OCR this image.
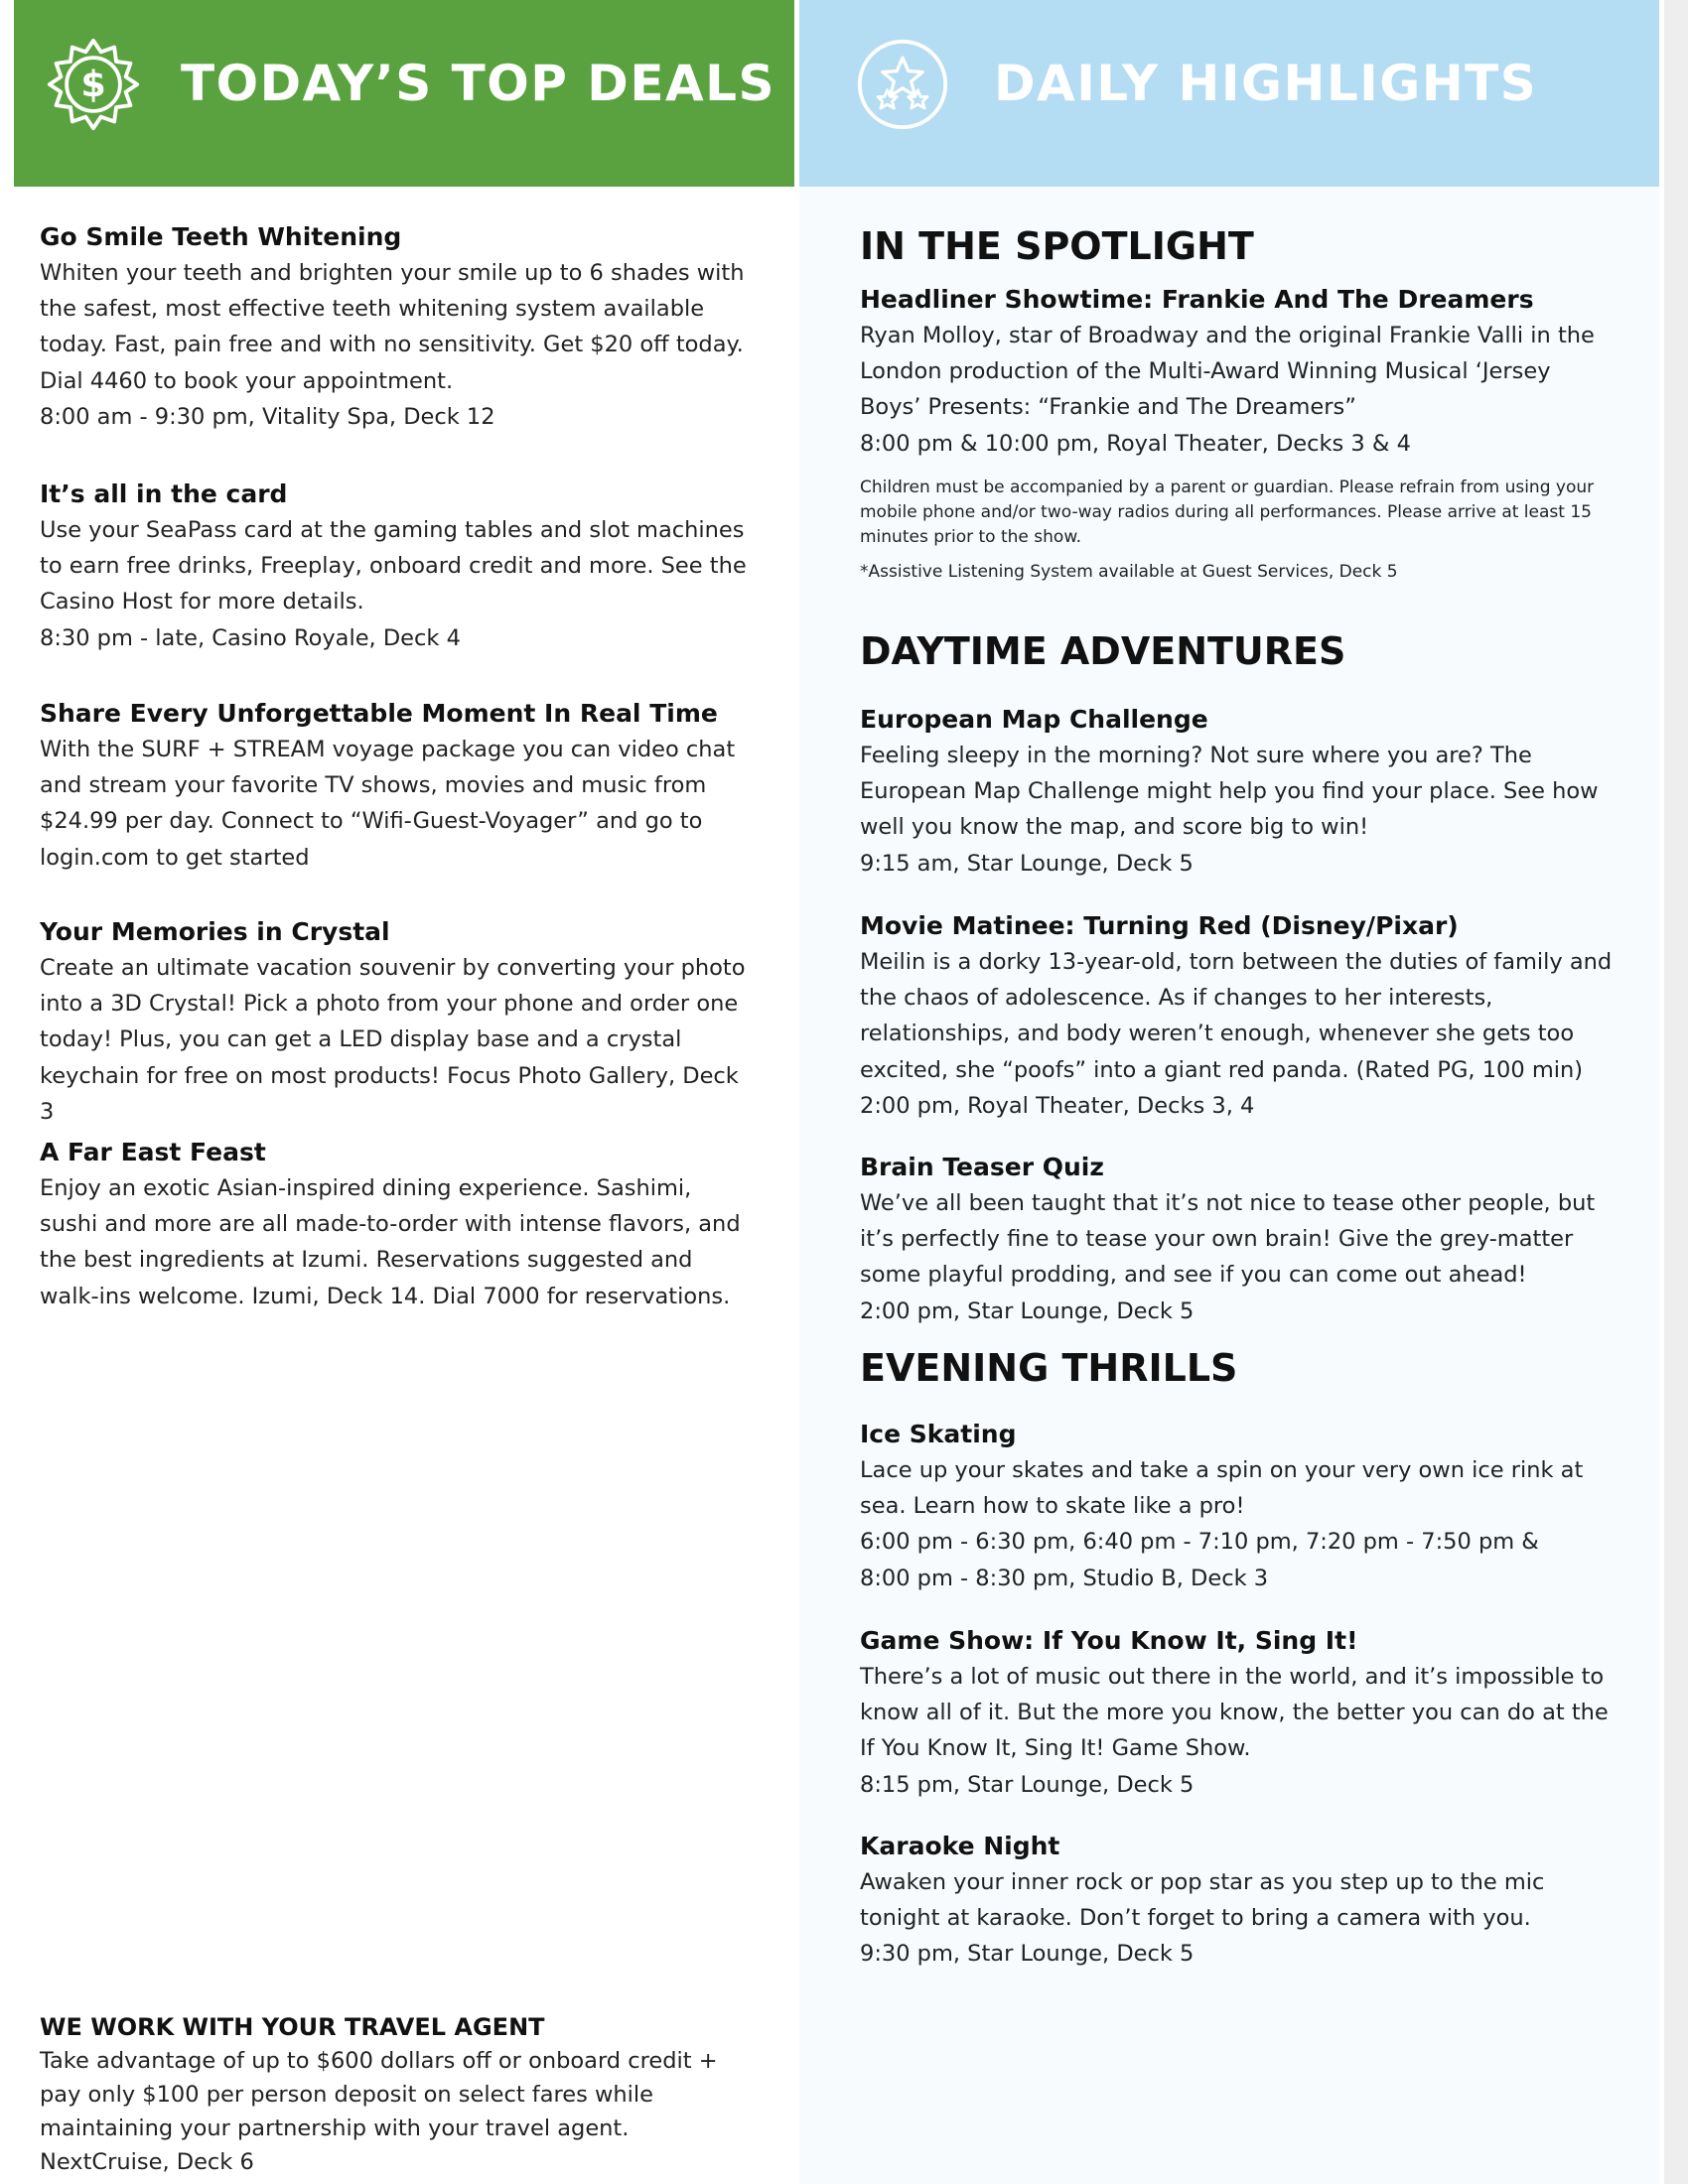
$ TODAY’S TOP DEALS	DAILY HIGHLIGHTS
Go Smile Teeth Whitening

Whiten your teeth and brighten your smile up to 6 shades with the safest, most effective teeth whitening system available today. Fast, pain free and with no sensitivity. Get $20 off today. Dial 4460 to book your appointment.

8:00 am - 9:30 pm, Vitality Spa, Deck 12
It’s all in the card

Use your SeaPass card at the gaming tables and slot machines to earn free drinks, Freeplay, onboard credit and more. See the Casino Host for more details.

8:30 pm - late, Casino Royale, Deck 4
Share Every Unforgettable Moment In Real Time

With the SURF + STREAM voyage package you can video chat and stream your favorite TV shows, movies and music from $24.99 per day. Connect to “Wifi-Guest-Voyager” and go to login.com to get started

Your Memories in Crystal

Create an ultimate vacation souvenir by converting your photo into a 3D Crystal! Pick a photo from your phone and order one today! Plus, you can get a LED display base and a crystal keychain for free on most products! Focus Photo Gallery, Deck 3

A Far East Feast

Enjoy an exotic Asian-inspired dining experience. Sashimi, sushi and more are all made-to-order with intense flavors, and the best ingredients at Izumi. Reservations suggested and walk-ins welcome. Izumi, Deck 14. Dial 7000 for reservations.

WE WORK WITH YOUR TRAVEL AGENT

Take advantage of up to $600 dollars off or onboard credit + pay only $100 per person deposit on select fares while maintaining your partnership with your travel agent.

NextCruise, Deck 6
IN THE SPOTLIGHT
Headliner Showtime: Frankie And The Dreamers

Ryan Molloy, star of Broadway and the original Frankie Valli in the London production of the Multi-Award Winning Musical ‘Jersey Boys’ Presents: “Frankie and The Dreamers”

8:00 pm & 10:00 pm, Royal Theater, Decks 3 & 4

Children must be accompanied by a parent or guardian. Please refrain from using your mobile phone and/or two-way radios during all performances. Please arrive at least 15 minutes prior to the show.

*Assistive Listening System available at Guest Services, Deck 5
DAYTIME ADVENTURES
European Map Challenge

Feeling sleepy in the morning? Not sure where you are? The European Map Challenge might help you find your place. See how well you know the map, and score big to win!

9:15 am, Star Lounge, Deck 5
Movie Matinee: Turning Red (Disney/Pixar)

Meilin is a dorky 13-year-old, torn between the duties of family and the chaos of adolescence. As if changes to her interests, relationships, and body weren’t enough, whenever she gets too excited, she “poofs” into a giant red panda. (Rated PG, 100 min)

2:00 pm, Royal Theater, Decks 3, 4
Brain Teaser Quiz

We’ve all been taught that it’s not nice to tease other people, but it’s perfectly fine to tease your own brain! Give the grey-matter some playful prodding, and see if you can come out ahead!

2:00 pm, Star Lounge, Deck 5
EVENING THRILLS
Ice Skating

Lace up your skates and take a spin on your very own ice rink at sea. Learn how to skate like a pro!

6:00 pm - 6:30 pm, 6:40 pm - 7:10 pm, 7:20 pm - 7:50 pm & 8:00 pm - 8:30 pm, Studio B, Deck 3
Game Show: If You Know It, Sing It!

There’s a lot of music out there in the world, and it’s impossible to know all of it. But the more you know, the better you can do at the If You Know It, Sing It! Game Show.

8:15 pm, Star Lounge, Deck 5
Karaoke Night

Awaken your inner rock or pop star as you step up to the mic tonight at karaoke. Don’t forget to bring a camera with you.

9:30 pm, Star Lounge, Deck 5
